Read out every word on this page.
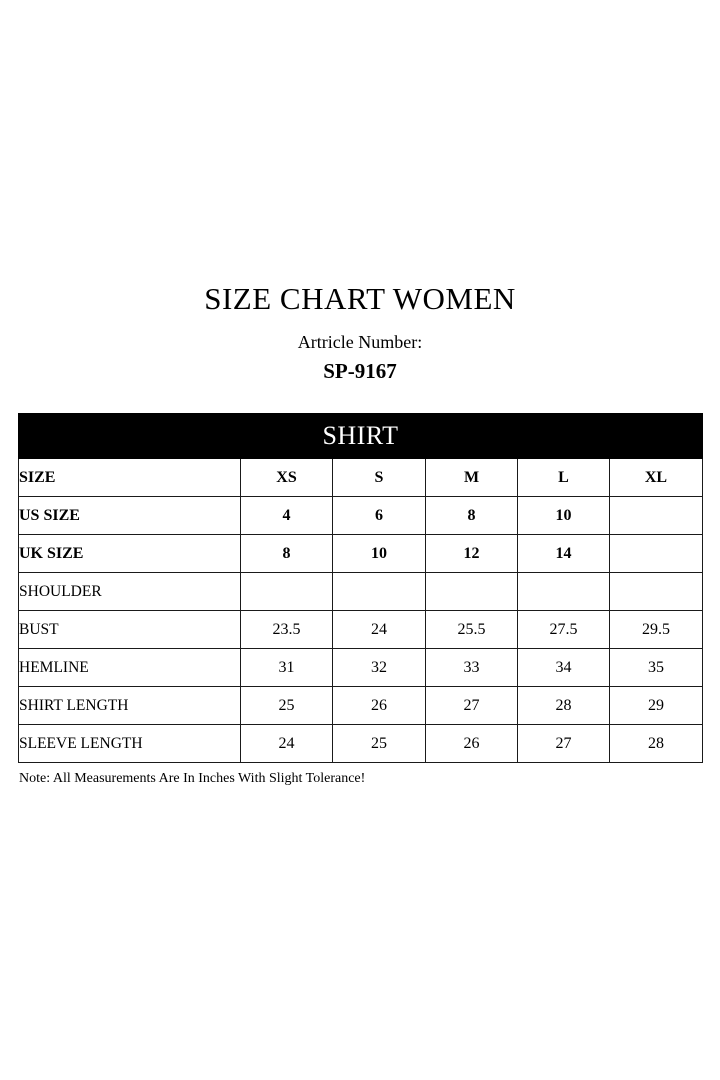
SIZE CHART WOMEN
Artricle Number:
SP-9167
SHIRT					
SIZE	XS	S	M	L	XL
US SIZE	4	6	8	10	
UK SIZE	8	10	12	14	
SHOULDER					
BUST	23.5	24	25.5	27.5	29.5
HEMLINE	31	32	33	34	35
SHIRT LENGTH	25	26	27	28	29
SLEEVE LENGTH	24	25	26	27	28
Note: All Measurements Are In Inches With Slight Tolerance!
